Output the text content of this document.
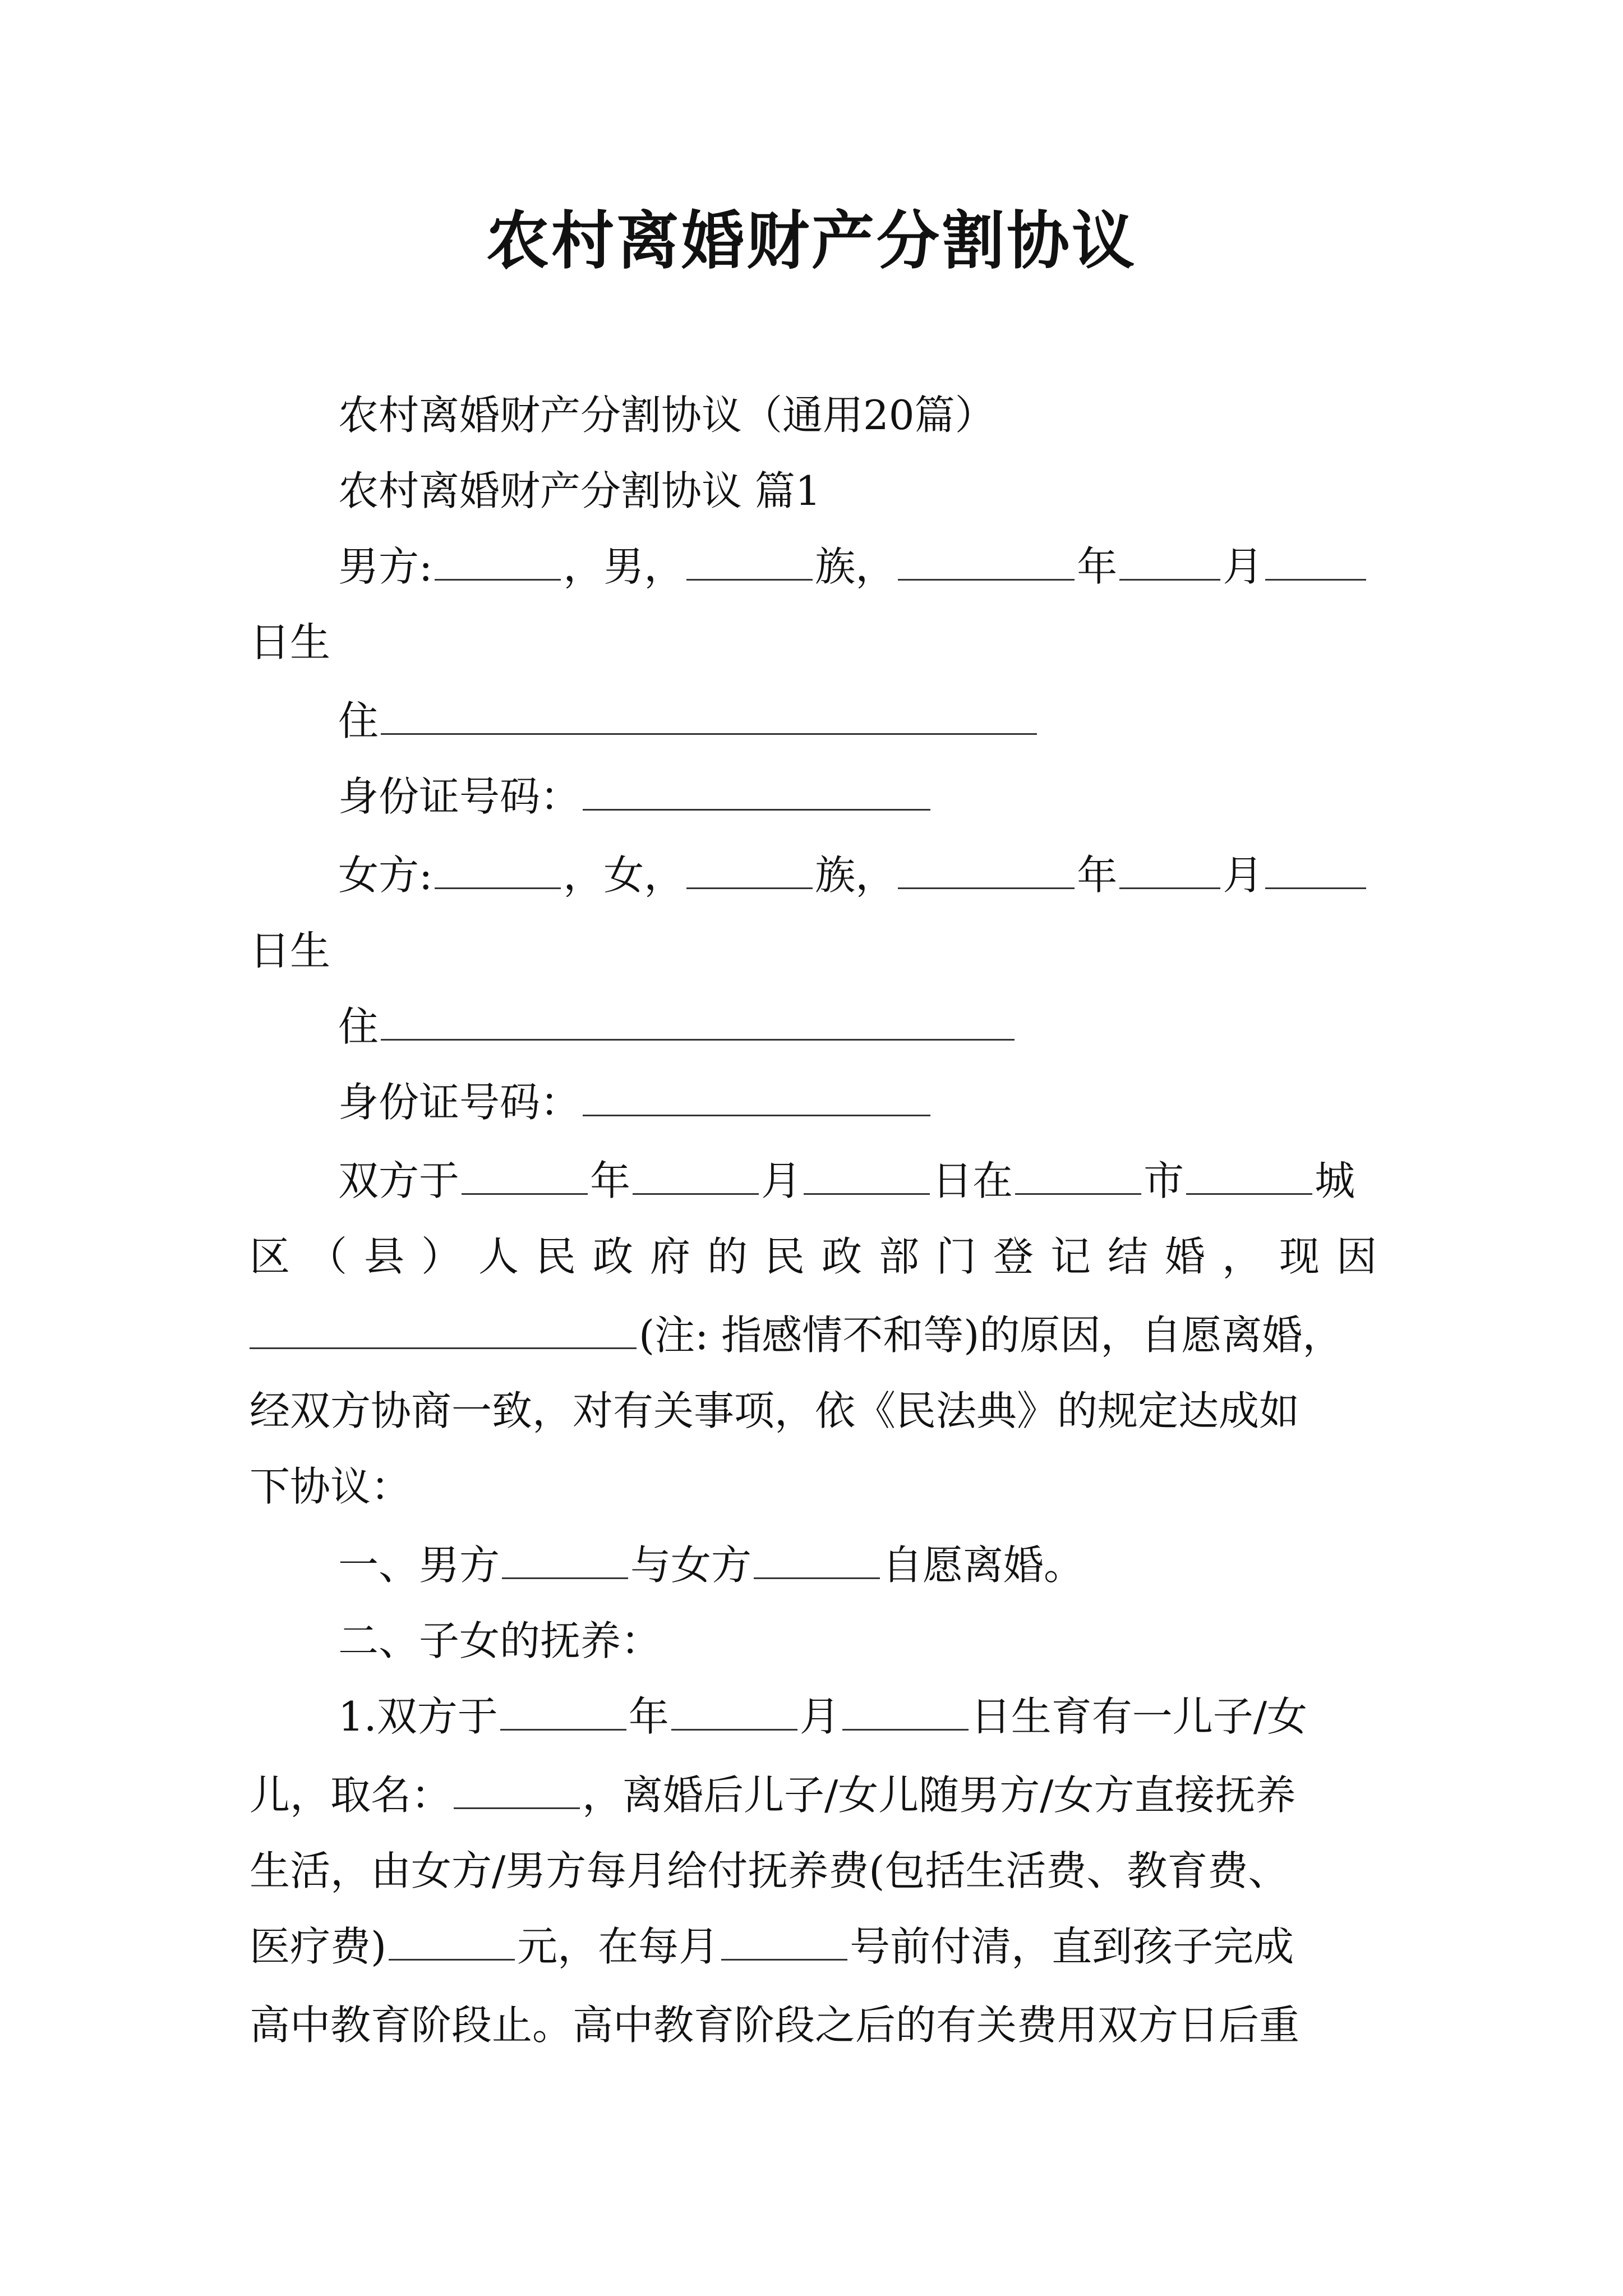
农村离婚财产分割协议
农村离婚财产分割协议（通用20篇）
农村离婚财产分割协议 篇1
男方:	，男，	族，	年	月
日生
住
身份证号码：
女方:	，女，	族，	年	月
日生
住
身份证号码：
双方于	年	月	日在	市	城
区（县）人民政府的民政部门登记结婚，现因
(注: 指感情不和等)的原因，自愿离婚，
经双方协商一致，对有关事项，依《民法典》的规定达成如
下协议：
一、男方	与女方	自愿离婚。
二、子女的抚养：
1.双方于	年	月	日生育有一儿子/女
儿，取名：	，离婚后儿子/女儿随男方/女方直接抚养
生活，由女方/男方每月给付抚养费(包括生活费、教育费、
医疗费)	元，在每月	号前付清，直到孩子完成
高中教育阶段止。高中教育阶段之后的有关费用双方日后重
